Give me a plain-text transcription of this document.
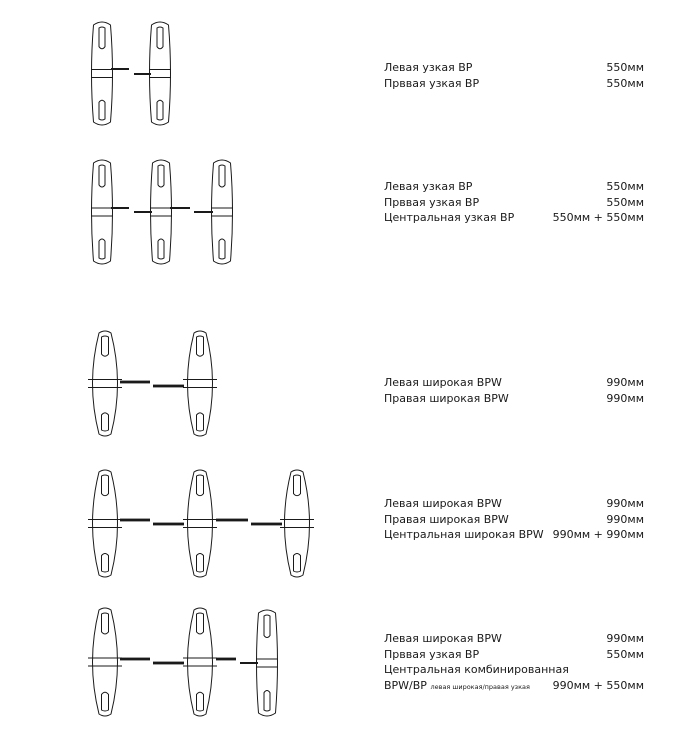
Левая узкая BP	550мм
Прввая узкая BP	550мм
Левая узкая BP	550мм
Прввая узкая BP	550мм
Центральная узкая BP	550мм + 550мм
Левая широкая BPW	990мм
Правая широкая BPW	990мм
Левая широкая BPW	990мм
Правая широкая BPW	990мм
Центральная широкая BPW 990мм + 990мм
Левая широкая BPW	990мм
Прввая узкая BP	550мм
Центральная комбинированная
BPW/BP левая широкая/правая узкая 990мм + 550мм
